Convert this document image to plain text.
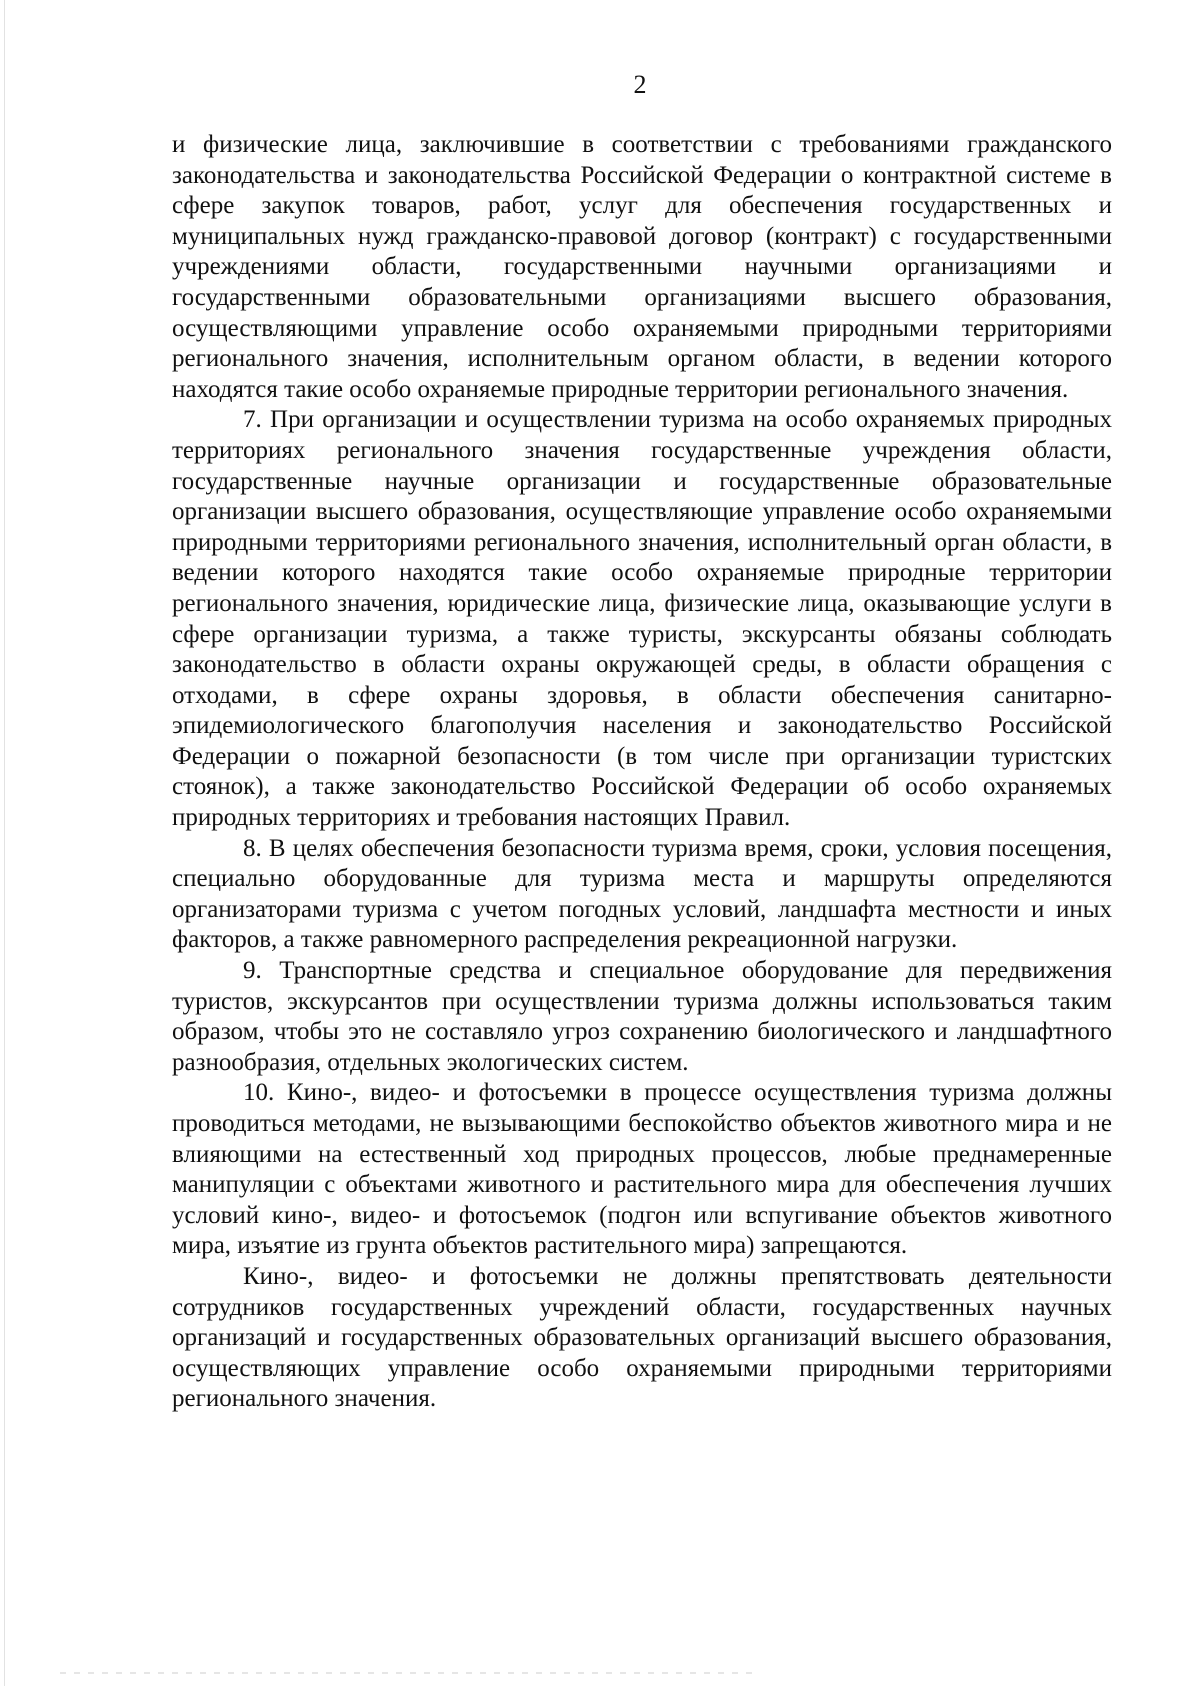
2

и физические лица, заключившие в соответствии с требованиями гражданского законодательства и законодательства Российской Федерации о контрактной системе в сфере закупок товаров, работ, услуг для обеспечения государственных и муниципальных нужд гражданско-правовой договор (контракт) с государственными учреждениями области, государственными научными организациями и государственными образовательными организациями высшего образования, осуществляющими управление особо охраняемыми природными территориями регионального значения, исполнительным органом области, в ведении которого находятся такие особо охраняемые природные территории регионального значения.

7. При организации и осуществлении туризма на особо охраняемых природных территориях регионального значения государственные учреждения области, государственные научные организации и государственные образовательные организации высшего образования, осуществляющие управление особо охраняемыми природными территориями регионального значения, исполнительный орган области, в ведении которого находятся такие особо охраняемые природные территории регионального значения, юридические лица, физические лица, оказывающие услуги в сфере организации туризма, а также туристы, экскурсанты обязаны соблюдать законодательство в области охраны окружающей среды, в области обращения с отходами, в сфере охраны здоровья, в области обеспечения санитарно-эпидемиологического благополучия населения и законодательство Российской Федерации о пожарной безопасности (в том числе при организации туристских стоянок), а также законодательство Российской Федерации об особо охраняемых природных территориях и требования настоящих Правил.

8. В целях обеспечения безопасности туризма время, сроки, условия посещения, специально оборудованные для туризма места и маршруты определяются организаторами туризма с учетом погодных условий, ландшафта местности и иных факторов, а также равномерного распределения рекреационной нагрузки.

9. Транспортные средства и специальное оборудование для передвижения туристов, экскурсантов при осуществлении туризма должны использоваться таким образом, чтобы это не составляло угроз сохранению биологического и ландшафтного разнообразия, отдельных экологических систем.

10. Кино-, видео- и фотосъемки в процессе осуществления туризма должны проводиться методами, не вызывающими беспокойство объектов животного мира и не влияющими на естественный ход природных процессов, любые преднамеренные манипуляции с объектами животного и растительного мира для обеспечения лучших условий кино-, видео- и фотосъемок (подгон или вспугивание объектов животного мира, изъятие из грунта объектов растительного мира) запрещаются.

Кино-, видео- и фотосъемки не должны препятствовать деятельности сотрудников государственных учреждений области, государственных научных организаций и государственных образовательных организаций высшего образования, осуществляющих управление особо охраняемыми природными территориями регионального значения.
